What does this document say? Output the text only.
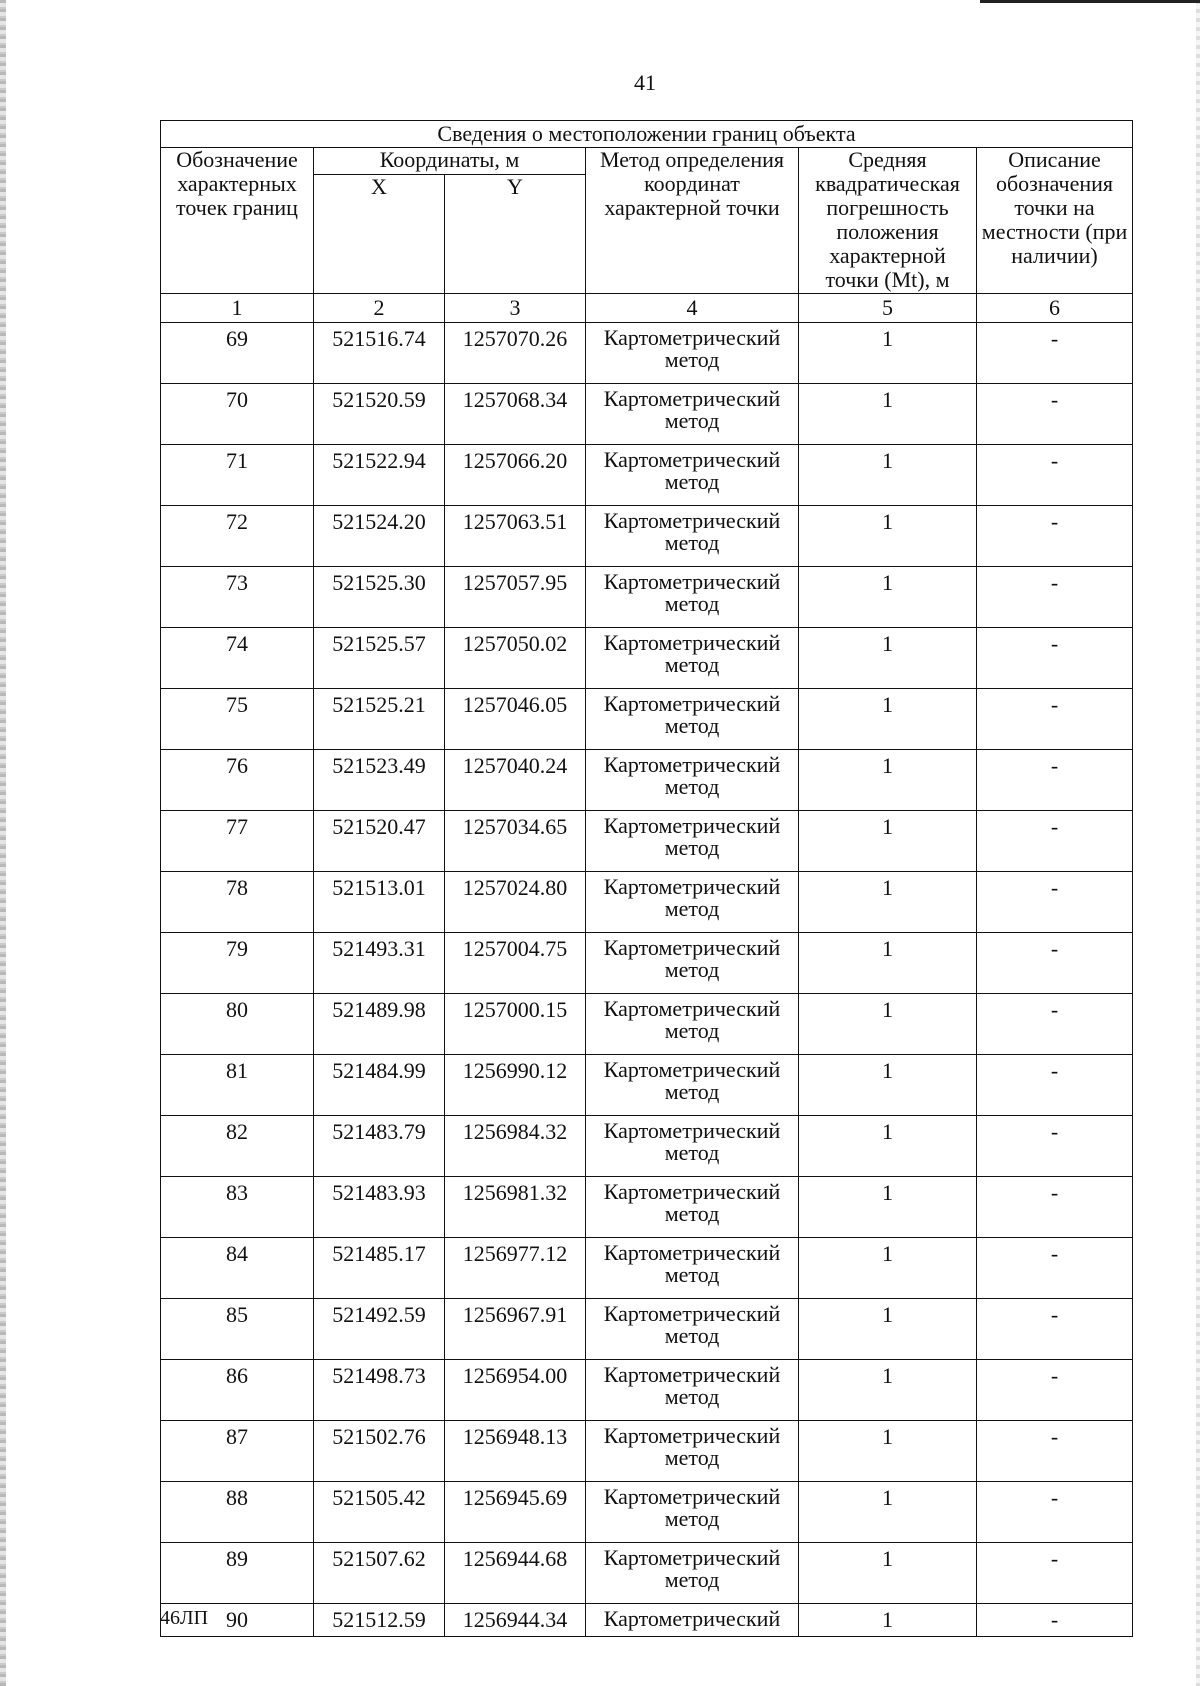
41
Сведения о местоположении границ объекта					
Обозначение характерных точек границ	Координаты, м		Метод определения координат характерной точки	Средняя квадратическая погрешность положения характерной точки (Mt), м	Описание обозначения точки на местности (при наличии)
	X	Y			
1	2	3	4	5	6
69	521516.74	1257070.26	Картометрический метод	1	-
70	521520.59	1257068.34	Картометрический метод	1	-
71	521522.94	1257066.20	Картометрический метод	1	-
72	521524.20	1257063.51	Картометрический метод	1	-
73	521525.30	1257057.95	Картометрический метод	1	-
74	521525.57	1257050.02	Картометрический метод	1	-
75	521525.21	1257046.05	Картометрический метод	1	-
76	521523.49	1257040.24	Картометрический метод	1	-
77	521520.47	1257034.65	Картометрический метод	1	-
78	521513.01	1257024.80	Картометрический метод	1	-
79	521493.31	1257004.75	Картометрический метод	1	-
80	521489.98	1257000.15	Картометрический метод	1	-
81	521484.99	1256990.12	Картометрический метод	1	-
82	521483.79	1256984.32	Картометрический метод	1	-
83	521483.93	1256981.32	Картометрический метод	1	-
84	521485.17	1256977.12	Картометрический метод	1	-
85	521492.59	1256967.91	Картометрический метод	1	-
86	521498.73	1256954.00	Картометрический метод	1	-
87	521502.76	1256948.13	Картометрический метод	1	-
88	521505.42	1256945.69	Картометрический метод	1	-
89	521507.62	1256944.68	Картометрический метод	1	-
90	521512.59	1256944.34	Картометрический	1	-
46ЛП
